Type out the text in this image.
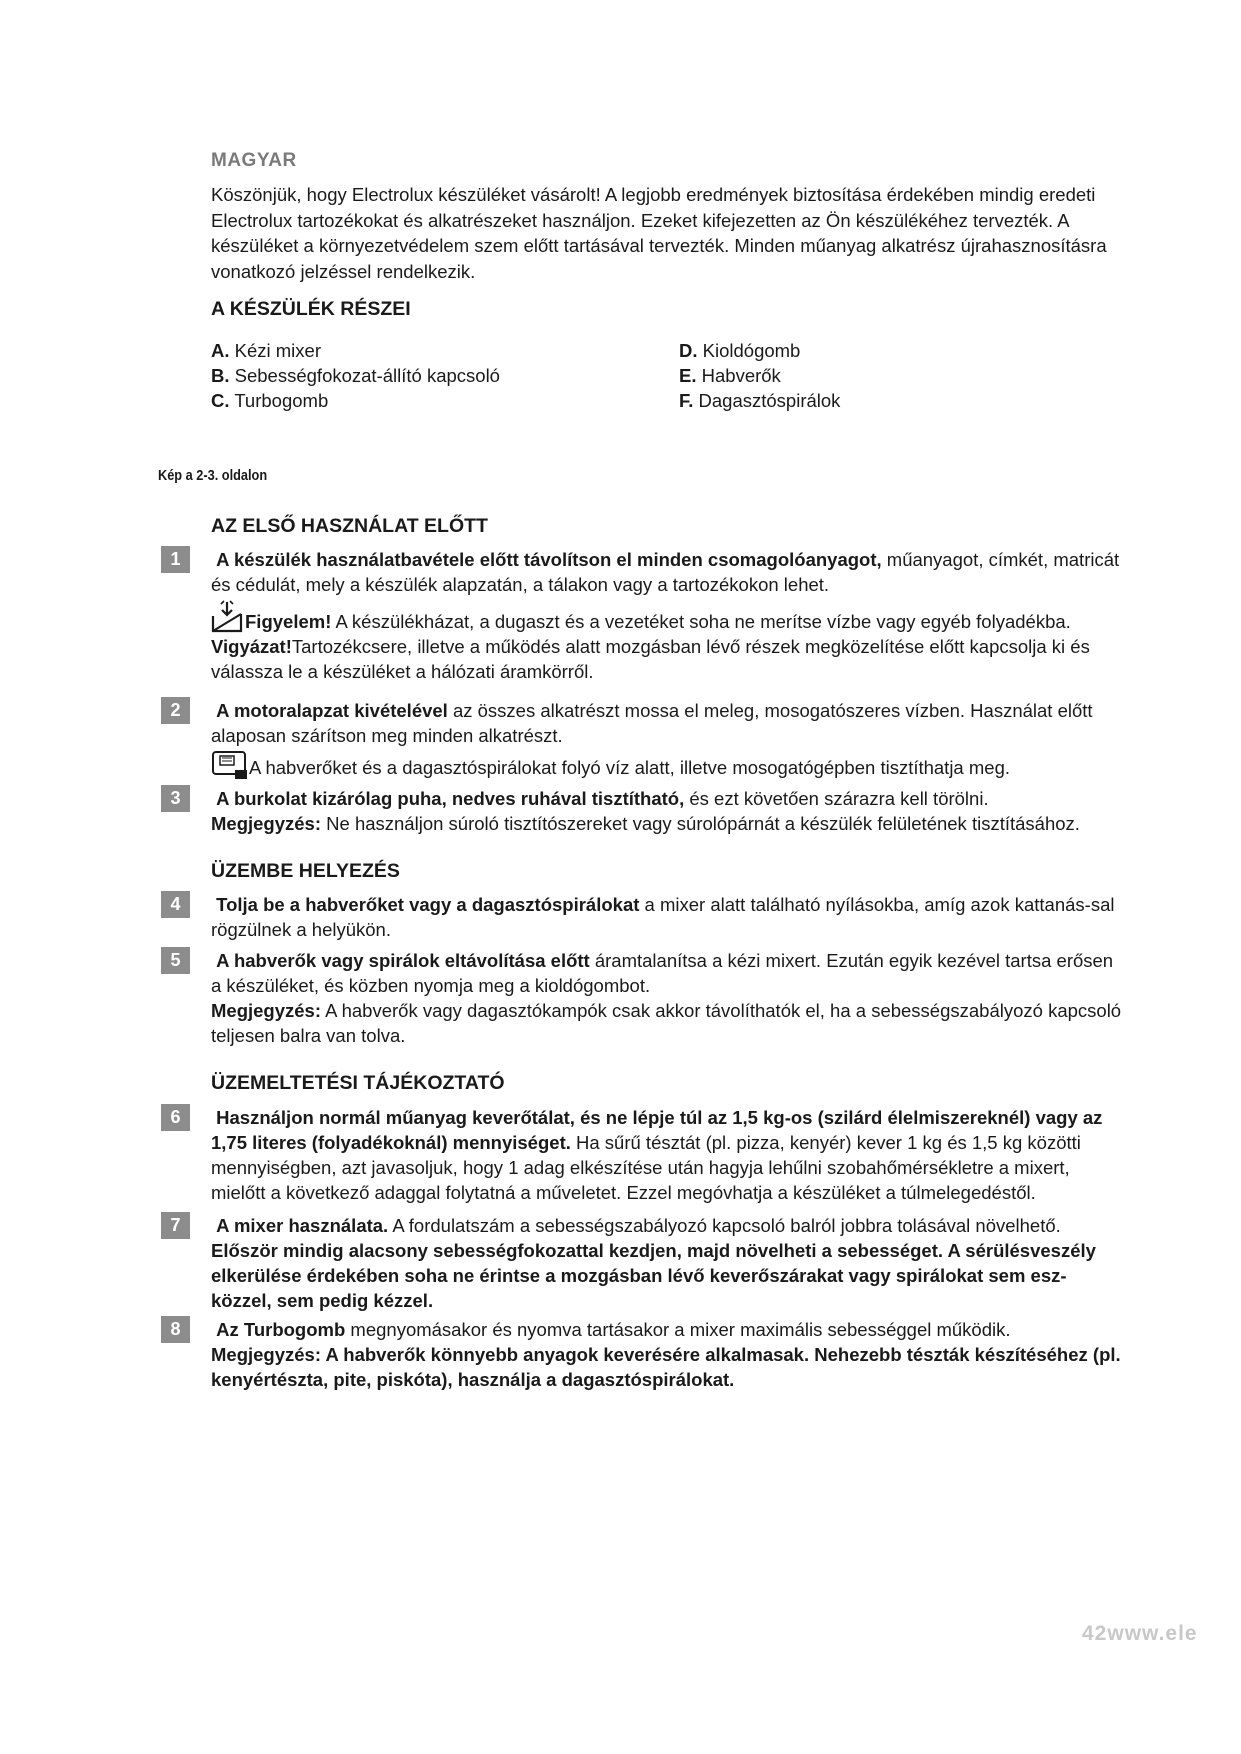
MAGYAR
Köszönjük, hogy Electrolux készüléket vásárolt! A legjobb eredmények biztosítása érdekében mindig eredeti Electrolux tartozékokat és alkatrészeket használjon. Ezeket kifejezetten az Ön készülékéhez tervezték. A készüléket a környezetvédelem szem előtt tartásával tervezték. Minden műanyag alkatrész újrahasznosításra vonatkozó jelzéssel rendelkezik.
A KÉSZÜLÉK RÉSZEI
A. Kézi mixer
B. Sebességfokozat-állító kapcsoló
C. Turbogomb
D. Kioldógomb
E. Habverők
F. Dagasztóspirálok
Kép a 2-3. oldalon
AZ ELSŐ HASZNÁLAT ELŐTT
1	A készülék használatbavétele előtt távolítson el minden csomagolóanyagot, műanyagot, címkét, matricát és cédulát, mely a készülék alapzatán, a tálakon vagy a tartozékokon lehet.
Figyelem! A készülékházat, a dugaszt és a vezetéket soha ne merítse vízbe vagy egyéb folyadékba.
Vigyázat!Tartozékcsere, illetve a működés alatt mozgásban lévő részek megközelítése előtt kapcsolja ki és válassza le a készüléket a hálózati áramkörről.
2	A motoralapzat kivételével az összes alkatrészt mossa el meleg, mosogatószeres vízben. Használat előtt alaposan szárítson meg minden alkatrészt.
A habverőket és a dagasztóspirálokat folyó víz alatt, illetve mosogatógépben tisztíthatja meg.
3	A burkolat kizárólag puha, nedves ruhával tisztítható, és ezt követően szárazra kell törölni.
Megjegyzés: Ne használjon súroló tisztítószereket vagy súrolópárnát a készülék felületének tisztításához.
ÜZEMBE HELYEZÉS
4	Tolja be a habverőket vagy a dagasztóspirálokat a mixer alatt található nyílásokba, amíg azok kattanás-sal rögzülnek a helyükön.
5	A habverők vagy spirálok eltávolítása előtt áramtalanítsa a kézi mixert. Ezután egyik kezével tartsa erősen a készüléket, és közben nyomja meg a kioldógombot.
Megjegyzés: A habverők vagy dagasztókampók csak akkor távolíthatók el, ha a sebességszabályozó kapcsoló teljesen balra van tolva.
ÜZEMELTETÉSI TÁJÉKOZTATÓ
6	Használjon normál műanyag keverőtálat, és ne lépje túl az 1,5 kg-os (szilárd élelmiszereknél) vagy az 1,75 literes (folyadékoknál) mennyiséget. Ha sűrű tésztát (pl. pizza, kenyér) kever 1 kg és 1,5 kg közötti mennyiségben, azt javasoljuk, hogy 1 adag elkészítése után hagyja lehűlni szobahőmérsékletre a mixert, mielőtt a következő adaggal folytatná a műveletet. Ezzel megóvhatja a készüléket a túlmelegedéstől.
7	A mixer használata. A fordulatszám a sebességszabályozó kapcsoló balról jobbra tolásával növelhető.
Először mindig alacsony sebességfokozattal kezdjen, majd növelheti a sebességet. A sérülésveszély elkerülése érdekében soha ne érintse a mozgásban lévő keverőszárakat vagy spirálokat sem esz-közzel, sem pedig kézzel.
8	Az Turbogomb megnyomásakor és nyomva tartásakor a mixer maximális sebességgel működik.
Megjegyzés: A habverők könnyebb anyagok keverésére alkalmasak. Nehezebb tészták készítéséhez (pl. kenyértészta, pite, piskóta), használja a dagasztóspirálokat.
42www.ele
